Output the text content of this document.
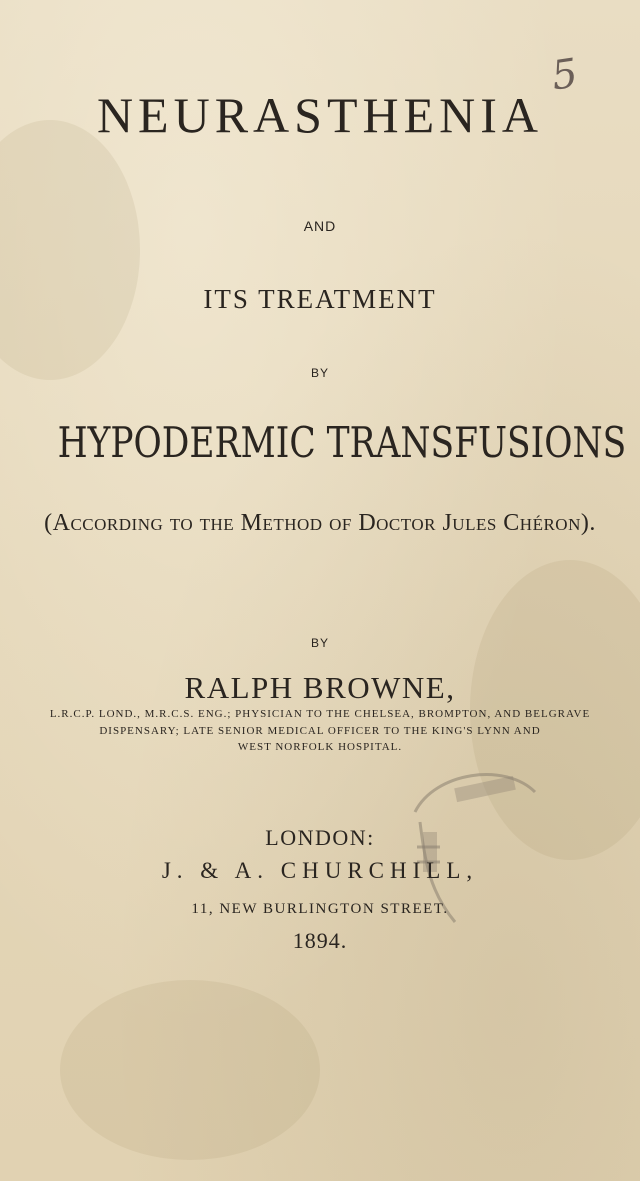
5
NEURASTHENIA
AND
ITS TREATMENT
BY
HYPODERMIC TRANSFUSIONS
(According to the Method of Doctor Jules Chéron).
BY
RALPH BROWNE,
L.R.C.P. LOND., M.R.C.S. ENG.; PHYSICIAN TO THE CHELSEA, BROMPTON, AND BELGRAVE
DISPENSARY; LATE SENIOR MEDICAL OFFICER TO THE KING'S LYNN AND
WEST NORFOLK HOSPITAL.
LONDON:
J. & A. CHURCHILL,
11, NEW BURLINGTON STREET.
1894.
